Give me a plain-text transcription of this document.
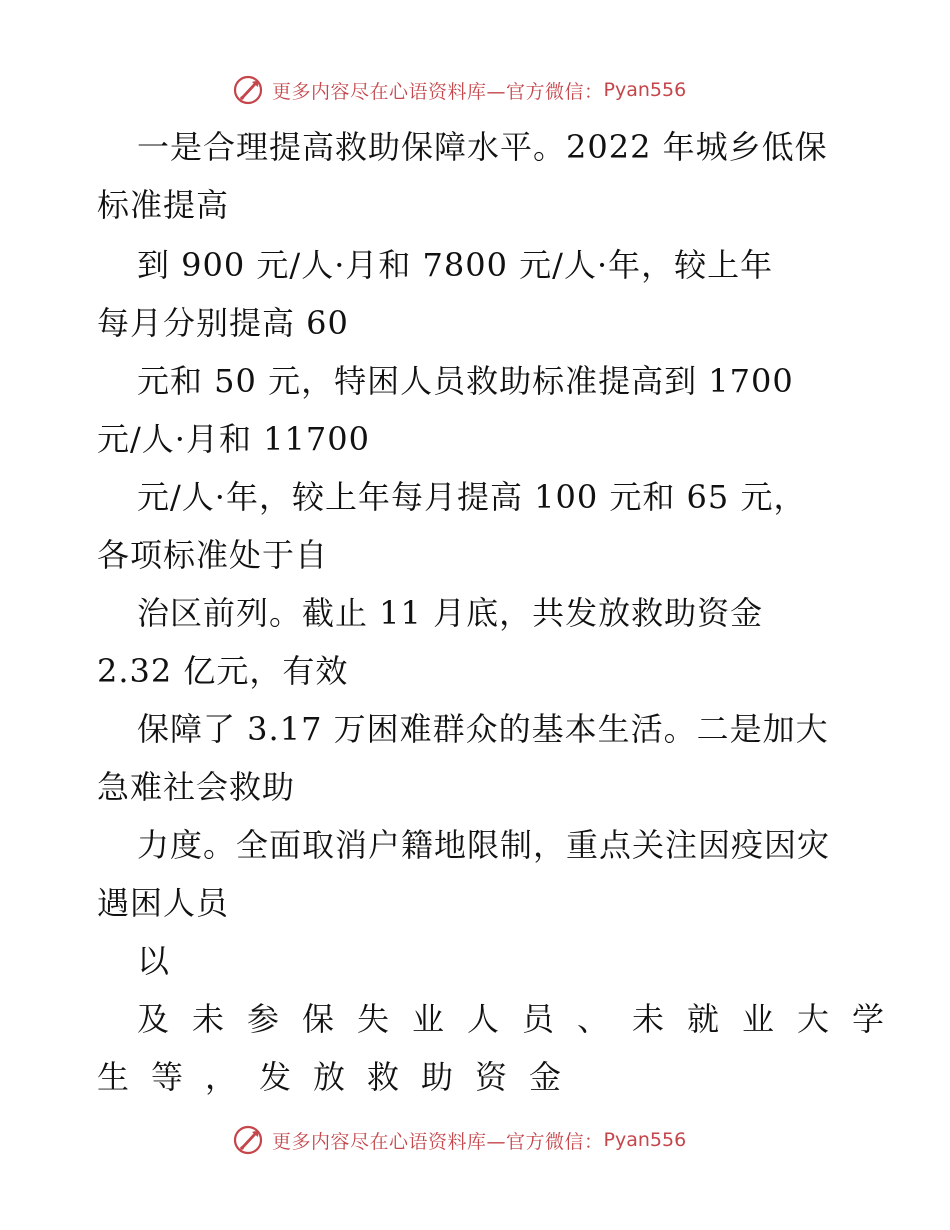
更多内容尽在心语资料库—官方微信： Pyan556
一是合理提高救助保障水平。2022 年城乡低保
标准提高
到 900 元/人·月和 7800 元/人·年，较上年
每月分别提高 60
元和 50 元，特困人员救助标准提高到 1700
元/人·月和 11700
元/人·年，较上年每月提高 100 元和 65 元，
各项标准处于自
治区前列。截止 11 月底，共发放救助资金
2.32 亿元，有效
保障了 3.17 万困难群众的基本生活。二是加大
急难社会救助
力度。全面取消户籍地限制，重点关注因疫因灾
遇困人员
以
及未参保失业人员、未就业大学
生等，发放救助资金
更多内容尽在心语资料库—官方微信： Pyan556
